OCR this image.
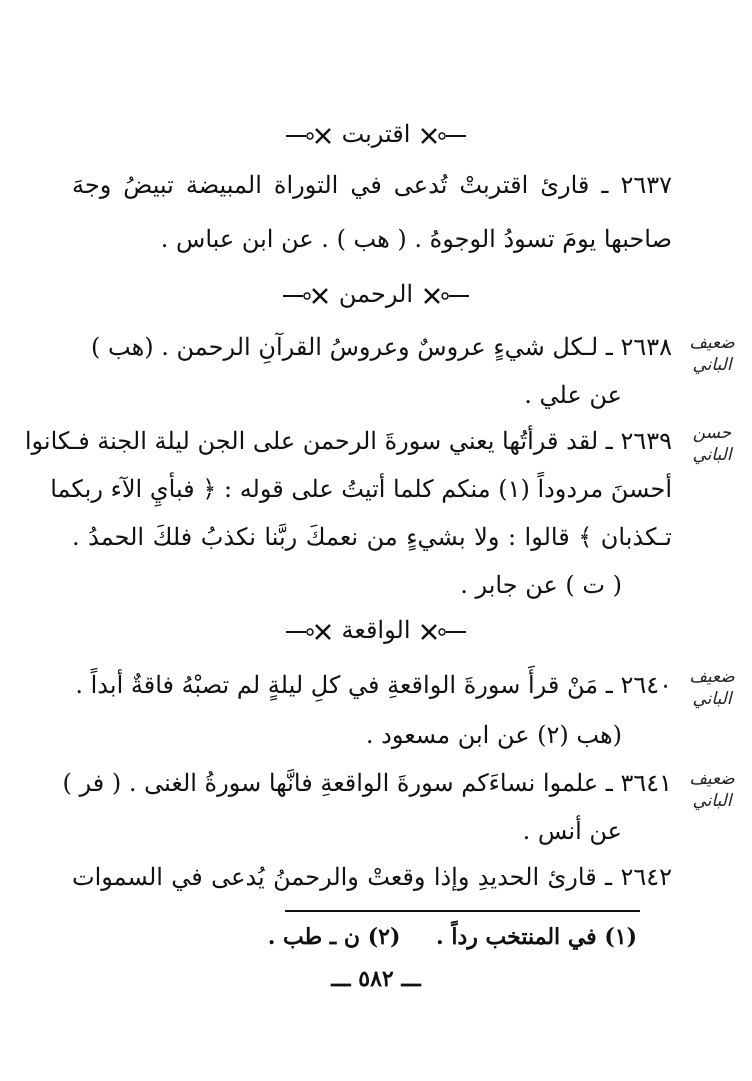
اقتربت
٢٦٣٧ ـ قارئ اقتربتْ تُدعى في التوراة المبيضة تبيضُ وجهَ
صاحبها يومَ تسودُ الوجوهُ . ( هب ) . عن ابن عباس .
الرحمن
ضعيف
الباني
٢٦٣٨ ـ لـكل شيءٍ عروسٌ وعروسُ القرآنِ الرحمن . (هب )
عن علي .
حسن
الباني
٢٦٣٩ ـ لقد قرأتُها يعني سورةَ الرحمن على الجن ليلة الجنة فـكانوا
أحسنَ مردوداً (١) منكم كلما أتيتُ على قوله : ﴿ فبأيِ الآء ربكما
تـكذبان ﴾ قالوا : ولا بشيءٍ من نعمكَ ربَّنا نكذبُ فلكَ الحمدُ .
( ت ) عن جابر .
الواقعة
ضعيف
الباني
٢٦٤٠ ـ مَنْ قرأَ سورةَ الواقعةِ في كلِ ليلةٍ لم تصبْهُ فاقةٌ أبداً .
(هب (٢) عن ابن مسعود .
ضعيف
الباني
٣٦٤١ ـ علموا نساءَكم سورةَ الواقعةِ فانَّها سورةُ الغنى . ( فر )
عن أنس .
٢٦٤٢ ـ قارئ الحديدِ وإذا وقعتْ والرحمنُ يُدعى في السموات
(١) في المنتخب رداً . (٢) ن ـ طب .
ـــ ٥٨٢ ـــ
